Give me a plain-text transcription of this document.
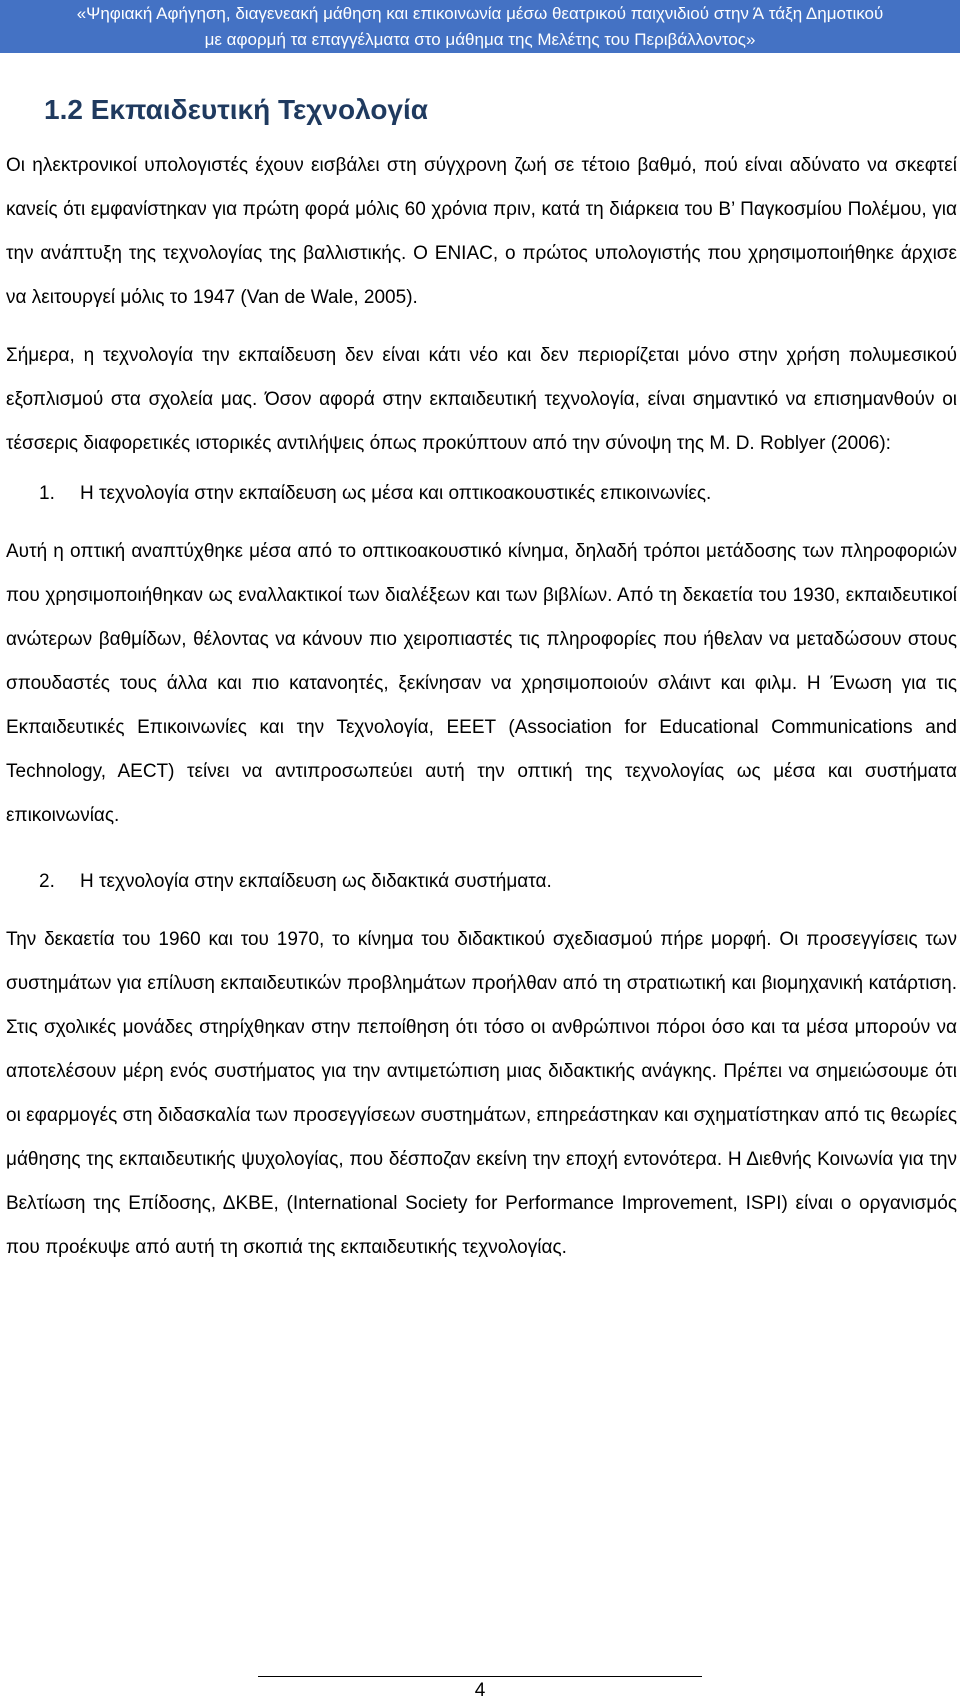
«Ψηφιακή Αφήγηση, διαγενεακή μάθηση και επικοινωνία μέσω θεατρικού παιχνιδιού στην Ά τάξη Δημοτικού
με αφορμή τα επαγγέλματα στο μάθημα της Μελέτης του Περιβάλλοντος»
1.2 Εκπαιδευτική Τεχνολογία

Οι ηλεκτρονικοί υπολογιστές έχουν εισβάλει στη σύγχρονη ζωή σε τέτοιο βαθμό, πού είναι αδύνατο να σκεφτεί κανείς ότι εμφανίστηκαν για πρώτη φορά μόλις 60 χρόνια πριν, κατά τη διάρκεια του Β’ Παγκοσμίου Πολέμου, για την ανάπτυξη της τεχνολογίας της βαλλιστικής. Ο ΕΝΙΑC, ο πρώτος υπολογιστής που χρησιμοποιήθηκε άρχισε να λειτουργεί μόλις το 1947 (Van de Wale, 2005).

Σήμερα, η τεχνολογία την εκπαίδευση δεν είναι κάτι νέο και δεν περιορίζεται μόνο στην χρήση πολυμεσικού εξοπλισμού στα σχολεία μας. Όσον αφορά στην εκπαιδευτική τεχνολογία, είναι σημαντικό να επισημανθούν οι τέσσερις διαφορετικές ιστορικές αντιλήψεις όπως προκύπτουν από την σύνοψη της M. D. Roblyer (2006):

1. Η τεχνολογία στην εκπαίδευση ως μέσα και οπτικοακουστικές επικοινωνίες.

Αυτή η οπτική αναπτύχθηκε μέσα από το οπτικοακουστικό κίνημα, δηλαδή τρόποι μετάδοσης των πληροφοριών που χρησιμοποιήθηκαν ως εναλλακτικοί των διαλέξεων και των βιβλίων. Από τη δεκαετία του 1930, εκπαιδευτικοί ανώτερων βαθμίδων, θέλοντας να κάνουν πιο χειροπιαστές τις πληροφορίες που ήθελαν να μεταδώσουν στους σπουδαστές τους άλλα και πιο κατανοητές, ξεκίνησαν να χρησιμοποιούν σλάιντ και φιλμ. Η Ένωση για τις Εκπαιδευτικές Επικοινωνίες και την Τεχνολογία, ΕΕΕΤ (Association for Educational Communications and Technology, AECT) τείνει να αντιπροσωπεύει αυτή την οπτική της τεχνολογίας ως μέσα και συστήματα επικοινωνίας.

2. Η τεχνολογία στην εκπαίδευση ως διδακτικά συστήματα.

Την δεκαετία του 1960 και του 1970, το κίνημα του διδακτικού σχεδιασμού πήρε μορφή. Οι προσεγγίσεις των συστημάτων για επίλυση εκπαιδευτικών προβλημάτων προήλθαν από τη στρατιωτική και βιομηχανική κατάρτιση. Στις σχολικές μονάδες στηρίχθηκαν στην πεποίθηση ότι τόσο οι ανθρώπινοι πόροι όσο και τα μέσα μπορούν να αποτελέσουν μέρη ενός συστήματος για την αντιμετώπιση μιας διδακτικής ανάγκης. Πρέπει να σημειώσουμε ότι οι εφαρμογές στη διδασκαλία των προσεγγίσεων συστημάτων, επηρεάστηκαν και σχηματίστηκαν από τις θεωρίες μάθησης της εκπαιδευτικής ψυχολογίας, που δέσποζαν εκείνη την εποχή εντονότερα. Η Διεθνής Κοινωνία για την Βελτίωση της Επίδοσης, ΔΚΒΕ, (International Society for Performance Improvement, ISPI) είναι ο οργανισμός που προέκυψε από αυτή τη σκοπιά της εκπαιδευτικής τεχνολογίας.

4
